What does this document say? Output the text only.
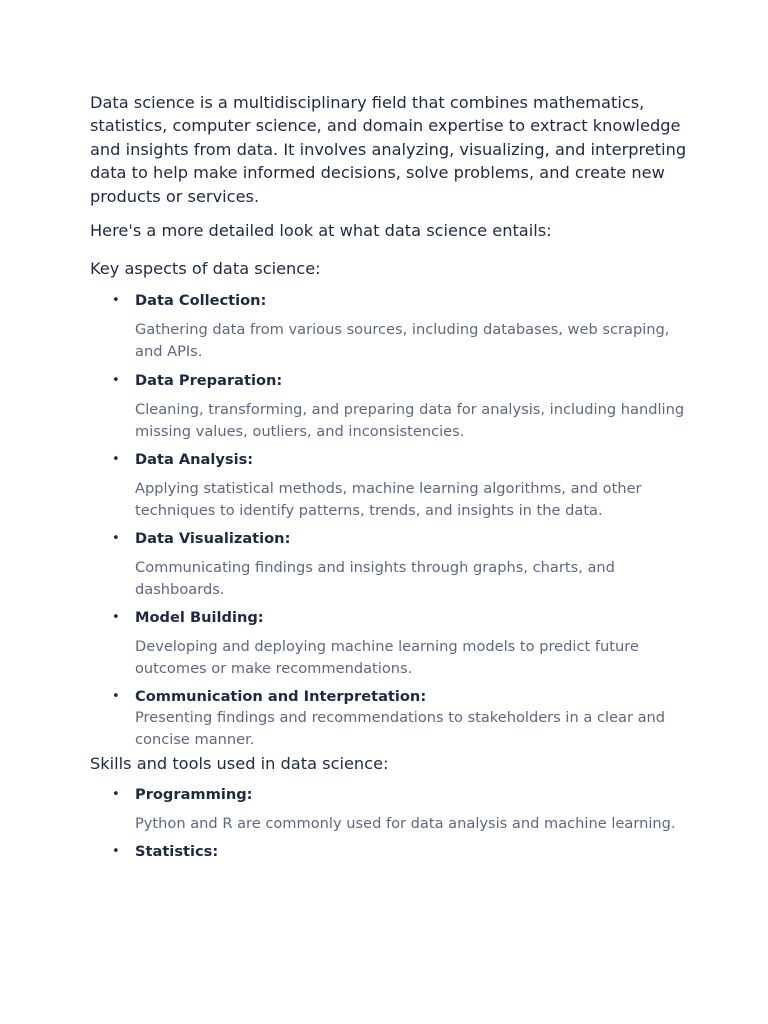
Data science is a multidisciplinary field that combines mathematics, statistics, computer science, and domain expertise to extract knowledge and insights from data. It involves analyzing, visualizing, and interpreting data to help make informed decisions, solve problems, and create new products or services.

Here's a more detailed look at what data science entails:

Key aspects of data science:

• Data Collection:
Gathering data from various sources, including databases, web scraping, and APIs.
• Data Preparation:
Cleaning, transforming, and preparing data for analysis, including handling missing values, outliers, and inconsistencies.
• Data Analysis:
Applying statistical methods, machine learning algorithms, and other techniques to identify patterns, trends, and insights in the data.
• Data Visualization:
Communicating findings and insights through graphs, charts, and dashboards.
• Model Building:
Developing and deploying machine learning models to predict future outcomes or make recommendations.
• Communication and Interpretation:
Presenting findings and recommendations to stakeholders in a clear and concise manner.

Skills and tools used in data science:

• Programming:
Python and R are commonly used for data analysis and machine learning.
• Statistics:
